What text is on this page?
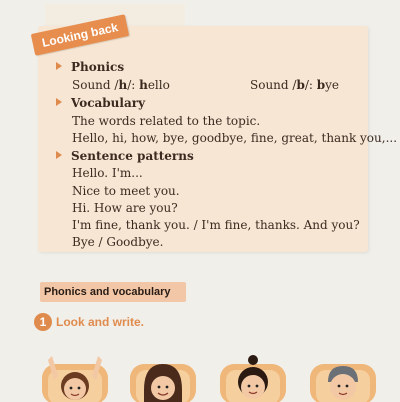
Looking back
Phonics
Sound /h/: hello	Sound /b/: bye
Vocabulary
The words related to the topic.
Hello, hi, how, bye, goodbye, fine, great, thank you,...
Sentence patterns
Hello. I'm...
Nice to meet you.
Hi. How are you?
I'm fine, thank you. / I'm fine, thanks. And you?
Bye / Goodbye.
Phonics and vocabulary
1 Look and write.
